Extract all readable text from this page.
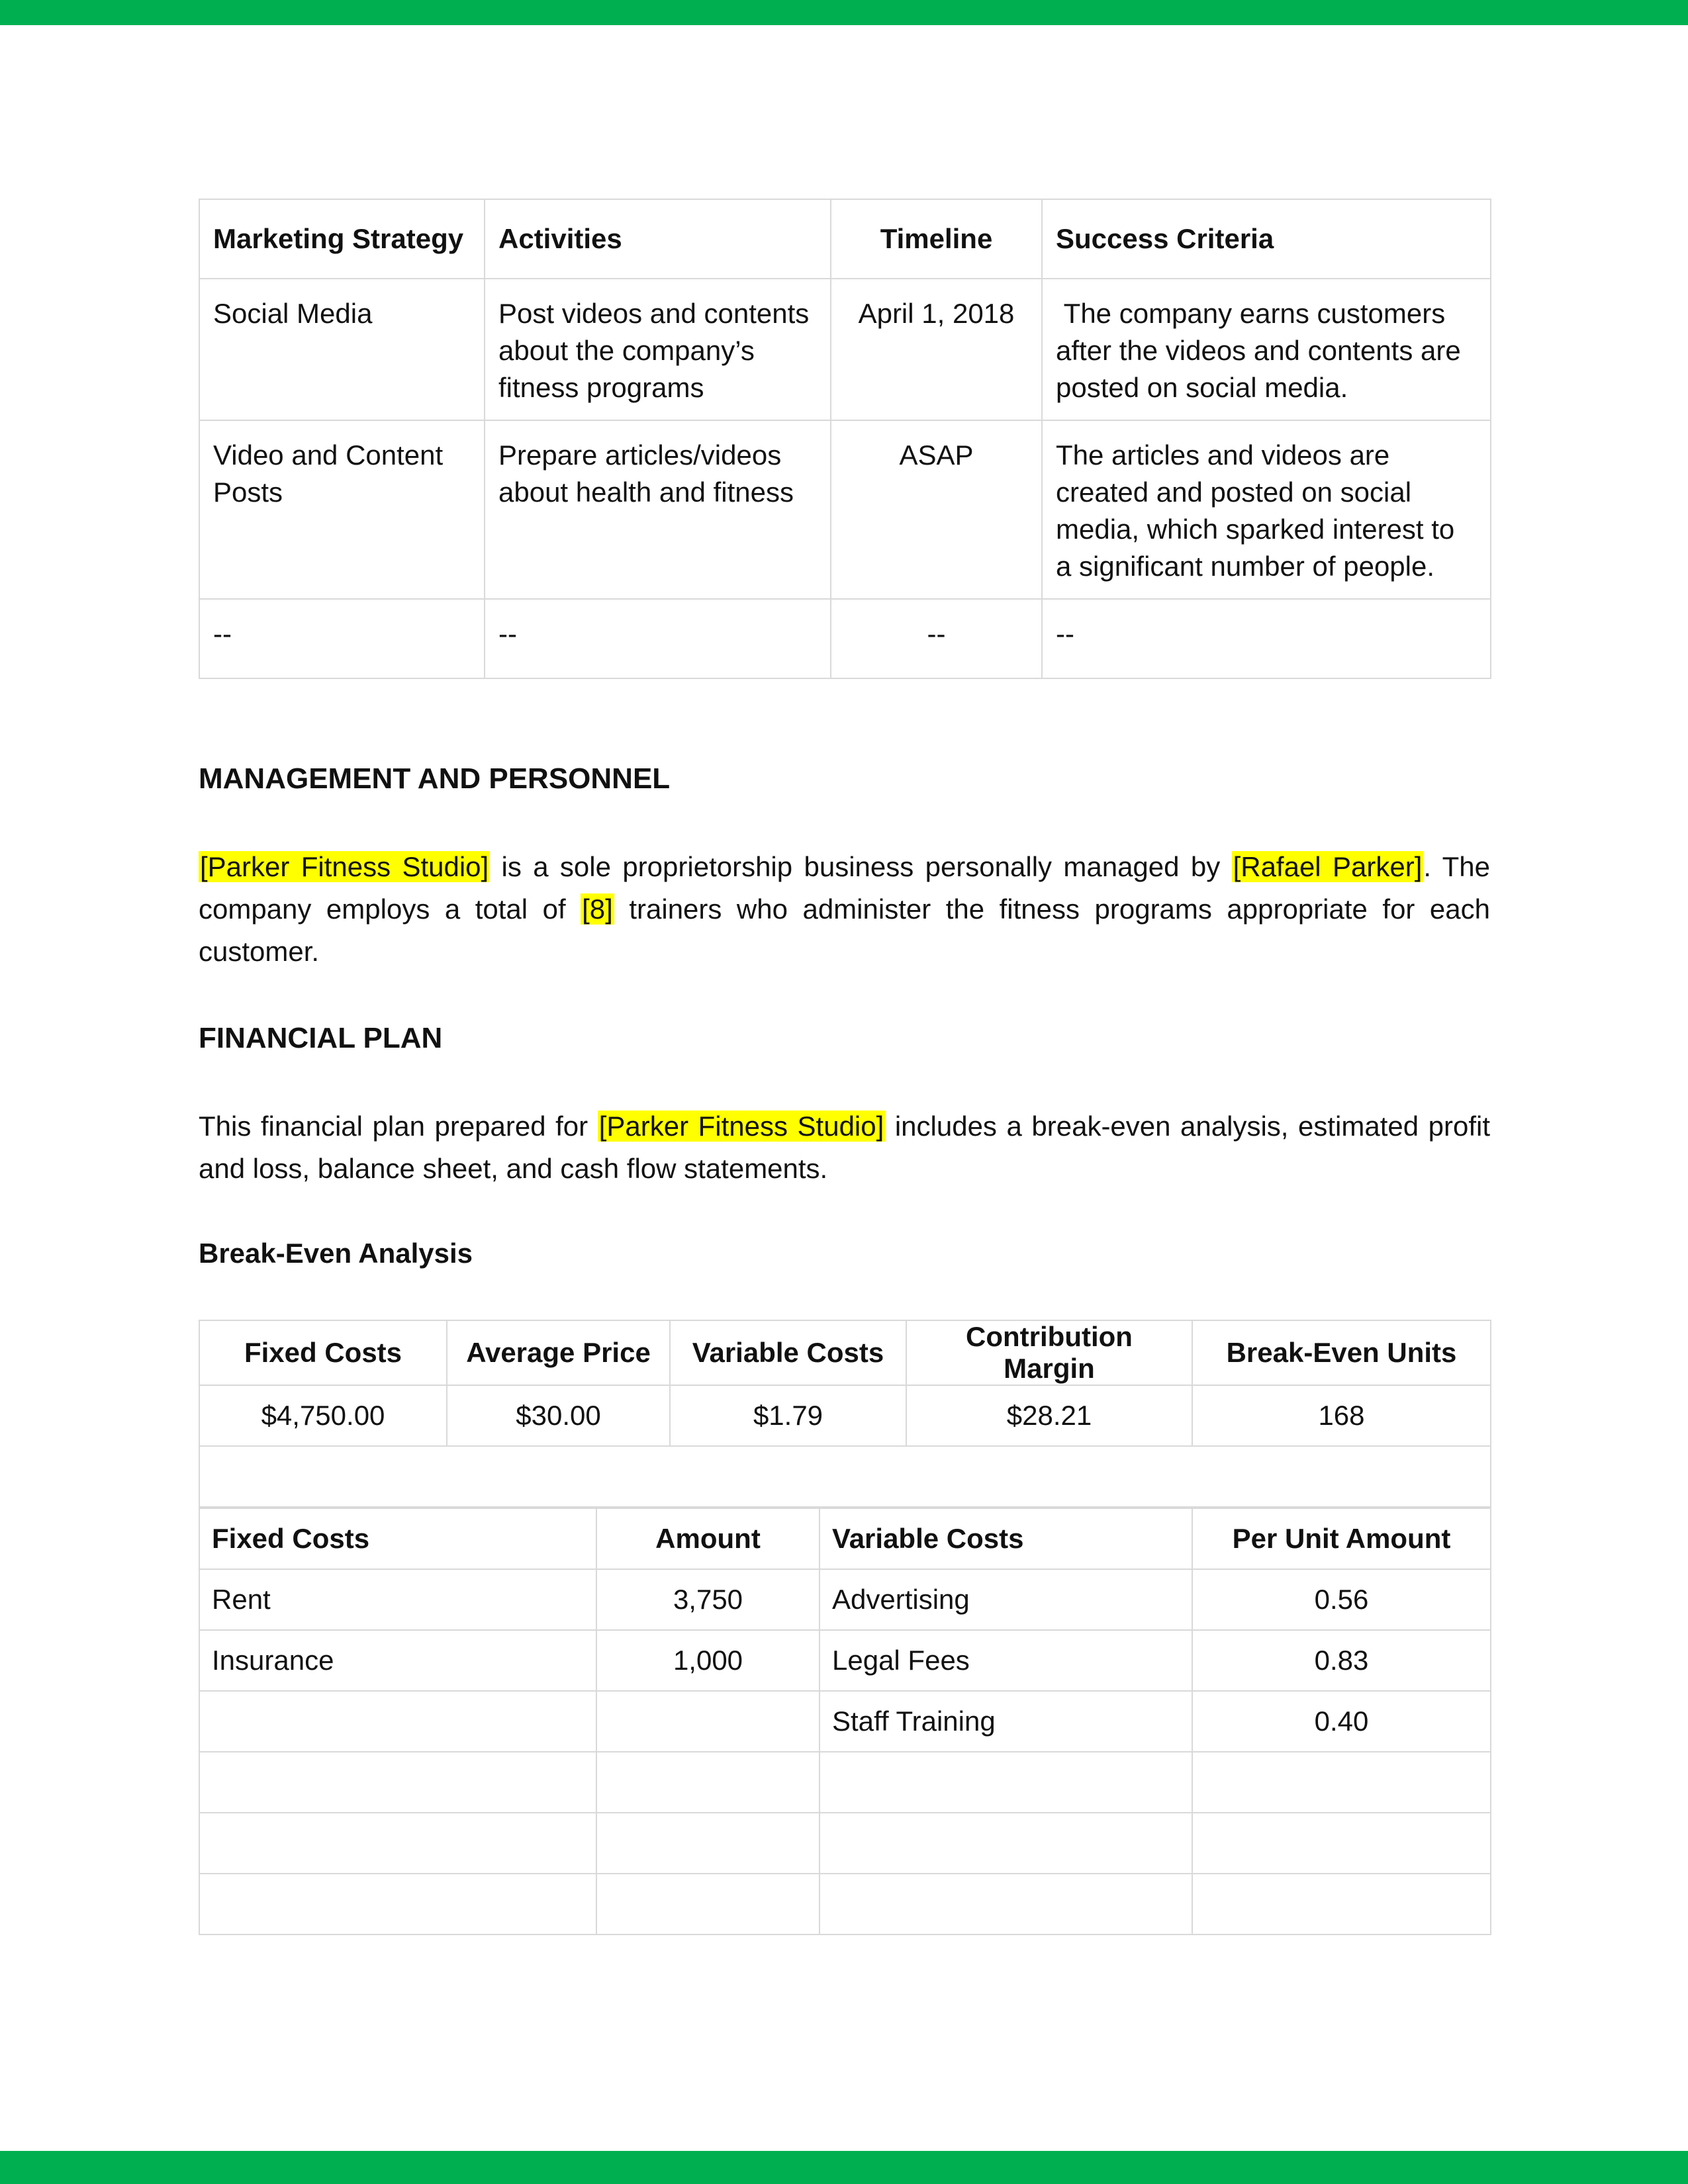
Marketing Strategy	Activities	Timeline	Success Criteria
Social Media	Post videos and contents about the company’s fitness programs	April 1, 2018	The company earns customers after the videos and contents are posted on social media.
Video and Content Posts	Prepare articles/videos about health and fitness	ASAP	The articles and videos are created and posted on social media, which sparked interest to a significant number of people.
--	--	--	--
MANAGEMENT AND PERSONNEL

[Parker Fitness Studio] is a sole proprietorship business personally managed by [Rafael Parker]. The company employs a total of [8] trainers who administer the fitness programs appropriate for each customer.

FINANCIAL PLAN

This financial plan prepared for [Parker Fitness Studio] includes a break-even analysis, estimated profit and loss, balance sheet, and cash flow statements.

Break-Even Analysis
Fixed Costs	Average Price	Variable Costs	Contribution Margin	Break-Even Units
$4,750.00	$30.00	$1.79	$28.21	168

Fixed Costs	Amount	Variable Costs	Per Unit Amount
Rent	3,750	Advertising	0.56
Insurance	1,000	Legal Fees	0.83
		Staff Training	0.40
